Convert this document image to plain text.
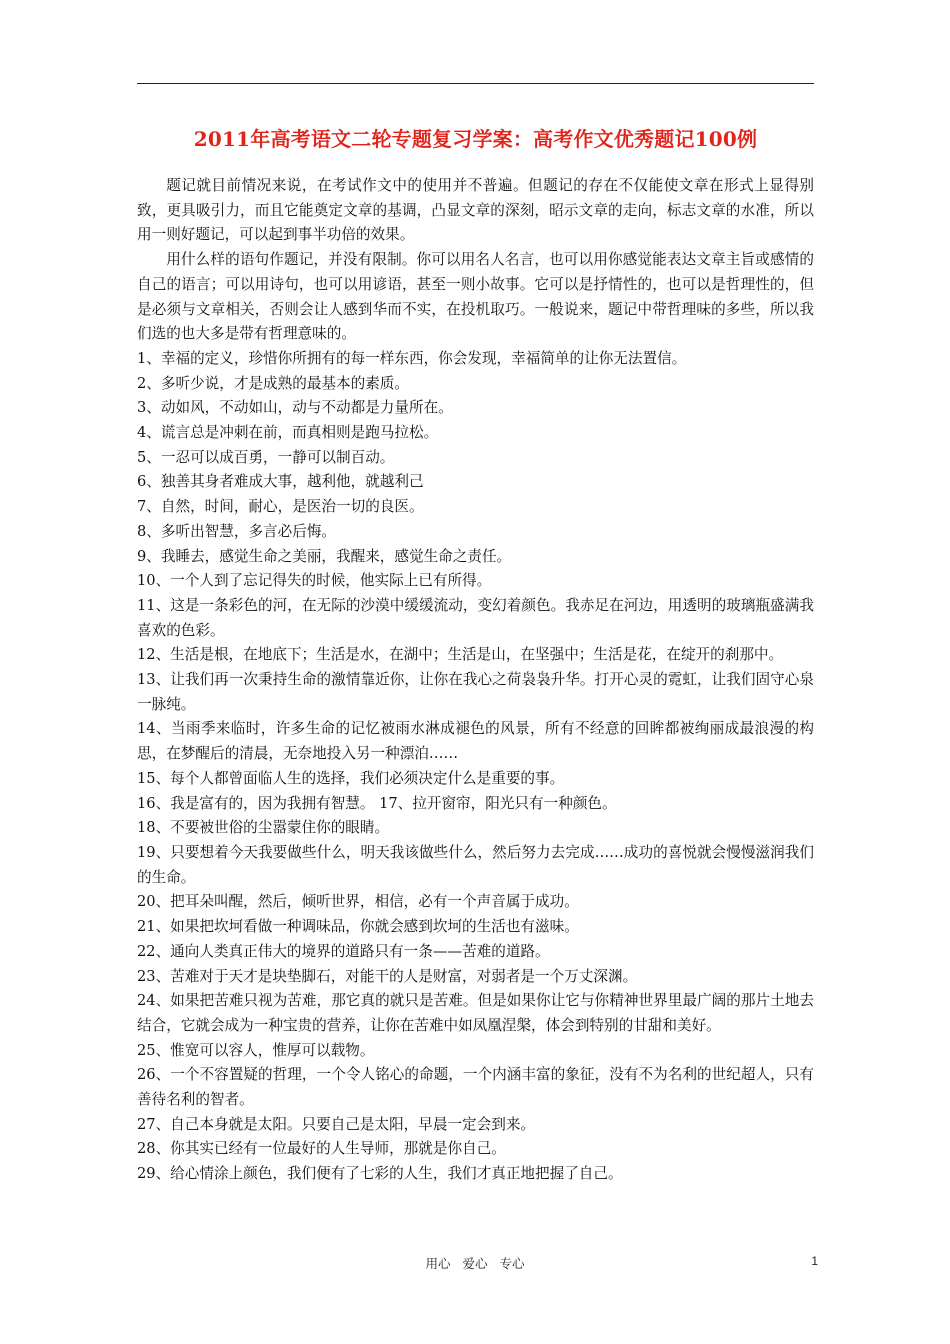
2011年高考语文二轮专题复习学案：高考作文优秀题记100例

题记就目前情况来说，在考试作文中的使用并不普遍。但题记的存在不仅能使文章在形式上显得别致，更具吸引力，而且它能奠定文章的基调，凸显文章的深刻，昭示文章的走向，标志文章的水准，所以用一则好题记，可以起到事半功倍的效果。

用什么样的语句作题记，并没有限制。你可以用名人名言，也可以用你感觉能表达文章主旨或感情的自己的语言；可以用诗句，也可以用谚语，甚至一则小故事。它可以是抒情性的，也可以是哲理性的，但是必须与文章相关，否则会让人感到华而不实，在投机取巧。一般说来，题记中带哲理味的多些，所以我们选的也大多是带有哲理意味的。

1、幸福的定义，珍惜你所拥有的每一样东西，你会发现，幸福简单的让你无法置信。

2、多听少说，才是成熟的最基本的素质。

3、动如风，不动如山，动与不动都是力量所在。

4、谎言总是冲刺在前，而真相则是跑马拉松。

5、一忍可以成百勇，一静可以制百动。

6、独善其身者难成大事，越利他，就越利己

7、自然，时间，耐心，是医治一切的良医。

8、多听出智慧，多言必后悔。

9、我睡去，感觉生命之美丽，我醒来，感觉生命之责任。

10、一个人到了忘记得失的时候，他实际上已有所得。

11、这是一条彩色的河，在无际的沙漠中缓缓流动，变幻着颜色。我赤足在河边，用透明的玻璃瓶盛满我喜欢的色彩。

12、生活是根，在地底下；生活是水，在湖中；生活是山，在坚强中；生活是花，在绽开的刹那中。

13、让我们再一次秉持生命的激情靠近你，让你在我心之荷袅袅升华。打开心灵的霓虹，让我们固守心泉一脉纯。

14、当雨季来临时，许多生命的记忆被雨水淋成褪色的风景，所有不经意的回眸都被绚丽成最浪漫的构思，在梦醒后的清晨，无奈地投入另一种漂泊……

15、每个人都曾面临人生的选择，我们必须决定什么是重要的事。

16、我是富有的，因为我拥有智慧。 17、拉开窗帘，阳光只有一种颜色。

18、不要被世俗的尘嚣蒙住你的眼睛。

19、只要想着今天我要做些什么，明天我该做些什么，然后努力去完成……成功的喜悦就会慢慢滋润我们的生命。

20、把耳朵叫醒，然后，倾听世界，相信，必有一个声音属于成功。

21、如果把坎坷看做一种调味品，你就会感到坎坷的生活也有滋味。

22、通向人类真正伟大的境界的道路只有一条——苦难的道路。

23、苦难对于天才是块垫脚石，对能干的人是财富，对弱者是一个万丈深渊。

24、如果把苦难只视为苦难，那它真的就只是苦难。但是如果你让它与你精神世界里最广阔的那片土地去结合，它就会成为一种宝贵的营养，让你在苦难中如凤凰涅槃，体会到特别的甘甜和美好。

25、惟宽可以容人，惟厚可以载物。

26、一个不容置疑的哲理，一个令人铭心的命题，一个内涵丰富的象征，没有不为名利的世纪超人，只有善待名利的智者。

27、自己本身就是太阳。只要自己是太阳，早晨一定会到来。

28、你其实已经有一位最好的人生导师，那就是你自己。

29、给心情涂上颜色，我们便有了七彩的人生，我们才真正地把握了自己。

用心 爱心 专心	1
